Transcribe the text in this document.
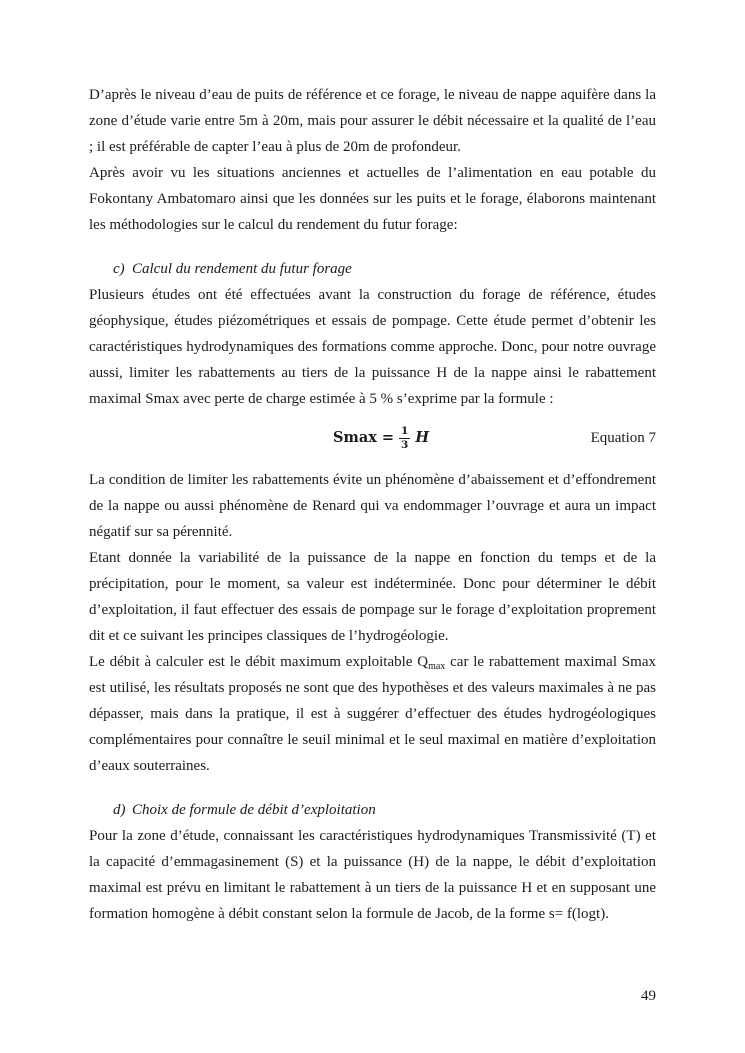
D’après le niveau d’eau de puits de référence et ce forage, le niveau de nappe aquifère dans la zone d’étude varie entre 5m à 20m, mais pour assurer le débit nécessaire et la qualité de l’eau ; il est préférable de capter l’eau à plus de 20m de profondeur.

Après avoir vu les situations anciennes et actuelles de l’alimentation en eau potable du Fokontany Ambatomaro ainsi que les données sur les puits et le forage, élaborons maintenant les méthodologies sur le calcul du rendement du futur forage:

c) Calcul du rendement du futur forage

Plusieurs études ont été effectuées avant la construction du forage de référence, études géophysique, études piézométriques et essais de pompage. Cette étude permet d’obtenir les caractéristiques hydrodynamiques des formations comme approche. Donc, pour notre ouvrage aussi, limiter les rabattements au tiers de la puissance H de la nappe ainsi le rabattement maximal Smax avec perte de charge estimée à 5 % s’exprime par la formule :

$Smax = \frac{1}{3}$ H	Equation 7

La condition de limiter les rabattements évite un phénomène d’abaissement et d’effondrement de la nappe ou aussi phénomène de Renard qui va endommager l’ouvrage et aura un impact négatif sur sa pérennité.

Etant donnée la variabilité de la puissance de la nappe en fonction du temps et de la précipitation, pour le moment, sa valeur est indéterminée. Donc pour déterminer le débit d’exploitation, il faut effectuer des essais de pompage sur le forage d’exploitation proprement dit et ce suivant les principes classiques de l’hydrogéologie.

Le débit à calculer est le débit maximum exploitable $Q_{max}$ car le rabattement maximal Smax est utilisé, les résultats proposés ne sont que des hypothèses et des valeurs maximales à ne pas dépasser, mais dans la pratique, il est à suggérer d’effectuer des études hydrogéologiques complémentaires pour connaître le seuil minimal et le seul maximal en matière d’exploitation d’eaux souterraines.

d) Choix de formule de débit d’exploitation

Pour la zone d’étude, connaissant les caractéristiques hydrodynamiques Transmissivité (T) et la capacité d’emmagasinement (S) et la puissance (H) de la nappe, le débit d’exploitation maximal est prévu en limitant le rabattement à un tiers de la puissance H et en supposant une formation homogène à débit constant selon la formule de Jacob, de la forme s= f(logt).

49
